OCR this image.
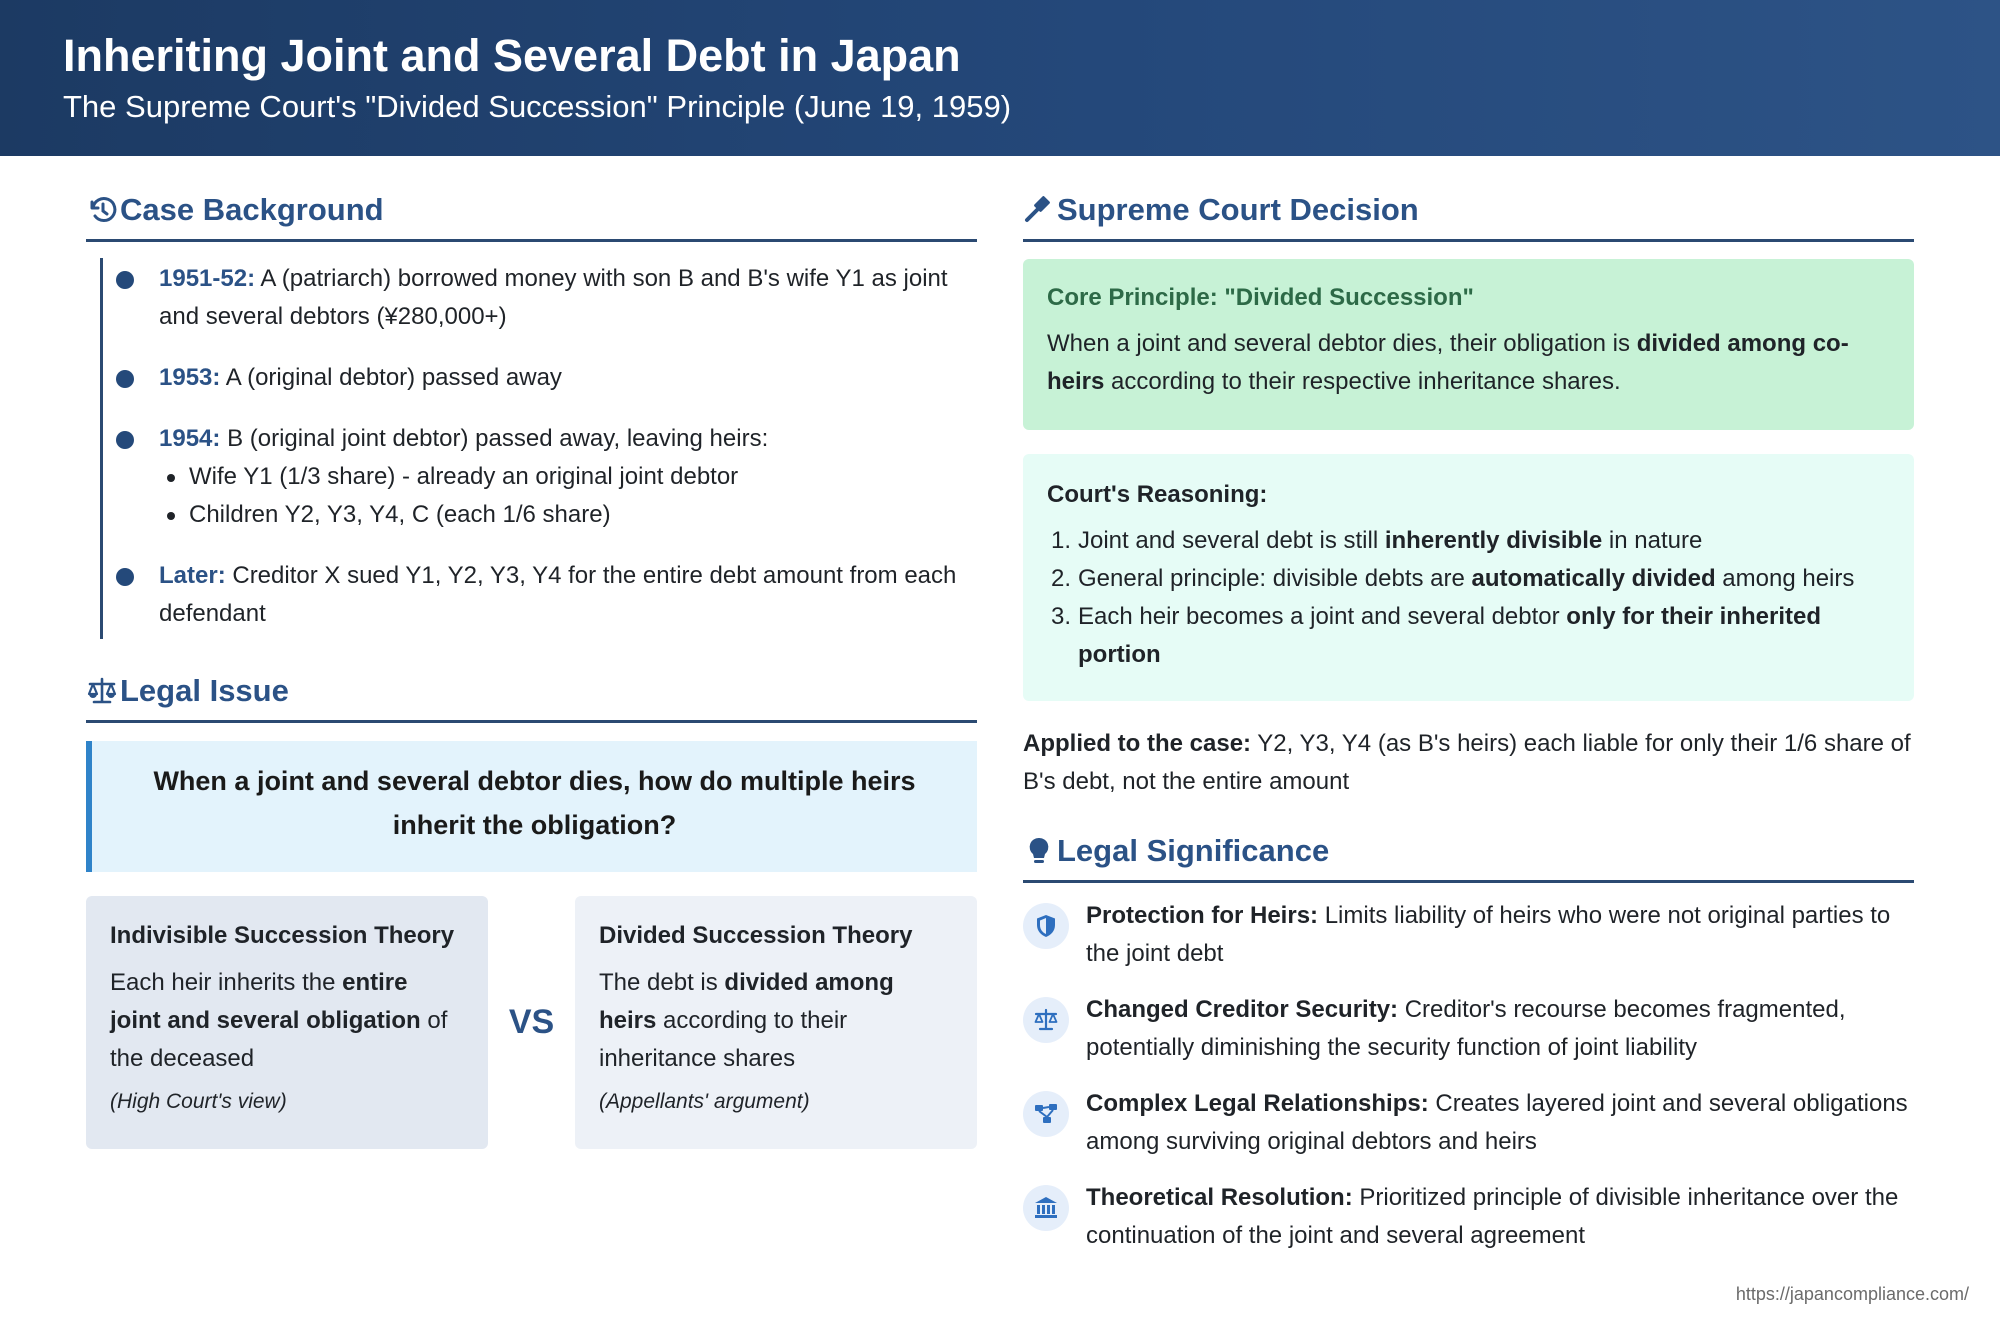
Inheriting Joint and Several Debt in Japan
The Supreme Court's "Divided Succession" Principle (June 19, 1959)
Case Background
1951-52: A (patriarch) borrowed money with son B and B's wife Y1 as joint and several debtors (¥280,000+)
1953: A (original debtor) passed away
1954: B (original joint debtor) passed away, leaving heirs:
Wife Y1 (1/3 share) - already an original joint debtor
Children Y2, Y3, Y4, C (each 1/6 share)
Later: Creditor X sued Y1, Y2, Y3, Y4 for the entire debt amount from each defendant
Legal Issue
When a joint and several debtor dies, how do multiple heirs inherit the obligation?
Indivisible Succession Theory
Each heir inherits the entire joint and several obligation of the deceased
(High Court's view)
VS
Divided Succession Theory
The debt is divided among heirs according to their inheritance shares
(Appellants' argument)
Supreme Court Decision
Core Principle: "Divided Succession"

When a joint and several debtor dies, their obligation is divided among co-heirs according to their respective inheritance shares.

Court's Reasoning:
1. Joint and several debt is still inherently divisible in nature
2. General principle: divisible debts are automatically divided among heirs
3. Each heir becomes a joint and several debtor only for their inherited portion
Applied to the case: Y2, Y3, Y4 (as B's heirs) each liable for only their 1/6 share of B's debt, not the entire amount
Legal Significance
Protection for Heirs: Limits liability of heirs who were not original parties to the joint debt
Changed Creditor Security: Creditor's recourse becomes fragmented, potentially diminishing the security function of joint liability
Complex Legal Relationships: Creates layered joint and several obligations among surviving original debtors and heirs
Theoretical Resolution: Prioritized principle of divisible inheritance over the continuation of the joint and several agreement
https://japancompliance.com/
